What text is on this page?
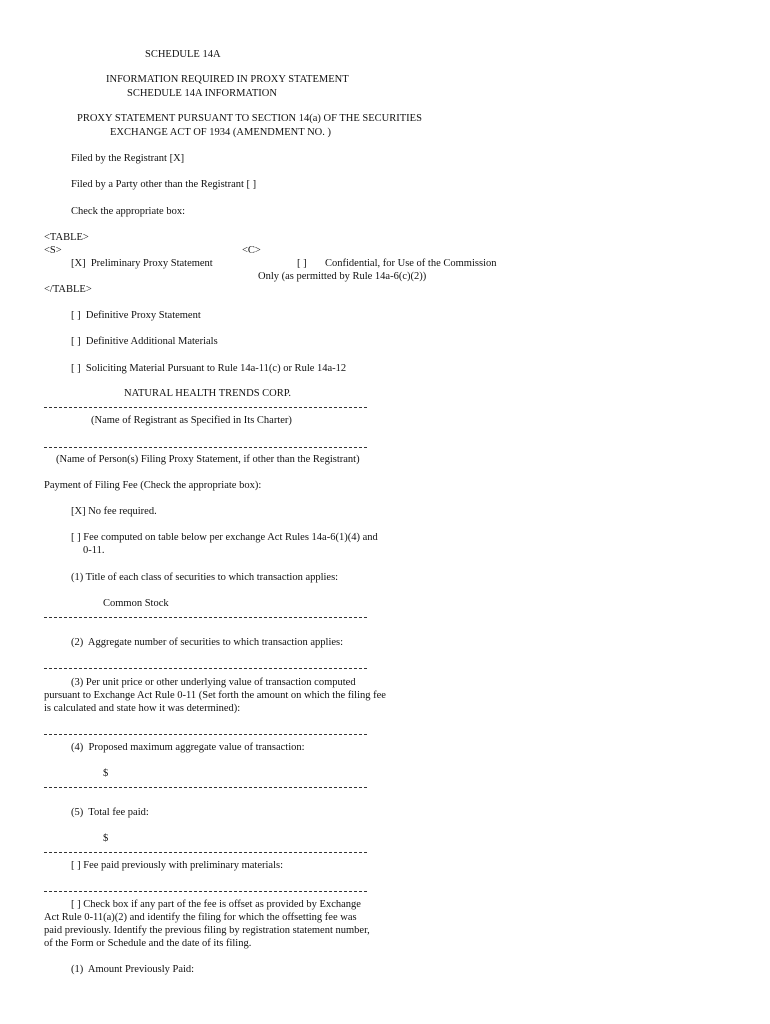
SCHEDULE 14A
INFORMATION REQUIRED IN PROXY STATEMENT
SCHEDULE 14A INFORMATION
PROXY STATEMENT PURSUANT TO SECTION 14(a) OF THE SECURITIES
EXCHANGE ACT OF 1934 (AMENDMENT NO. )
Filed by the Registrant [X]
Filed by a Party other than the Registrant [ ]
Check the appropriate box:
<TABLE>
<S>	<C>
[X]  Preliminary Proxy Statement	[ ] Confidential, for Use of the Commission
Only (as permitted by Rule 14a-6(c)(2))
</TABLE>
[ ]  Definitive Proxy Statement
[ ]  Definitive Additional Materials
[ ]  Soliciting Material Pursuant to Rule 14a-11(c) or Rule 14a-12
NATURAL HEALTH TRENDS CORP.
(Name of Registrant as Specified in Its Charter)
(Name of Person(s) Filing Proxy Statement, if other than the Registrant)
Payment of Filing Fee (Check the appropriate box):
[X] No fee required.
[ ] Fee computed on table below per exchange Act Rules 14a-6(1)(4) and
0-11.
(1) Title of each class of securities to which transaction applies:
Common Stock
(2)  Aggregate number of securities to which transaction applies:
(3) Per unit price or other underlying value of transaction computed
pursuant to Exchange Act Rule 0-11 (Set forth the amount on which the filing fee
is calculated and state how it was determined):
(4)  Proposed maximum aggregate value of transaction:
$
(5)  Total fee paid:
$
[ ] Fee paid previously with preliminary materials:
[ ] Check box if any part of the fee is offset as provided by Exchange
Act Rule 0-11(a)(2) and identify the filing for which the offsetting fee was
paid previously. Identify the previous filing by registration statement number,
of the Form or Schedule and the date of its filing.
(1)  Amount Previously Paid:
